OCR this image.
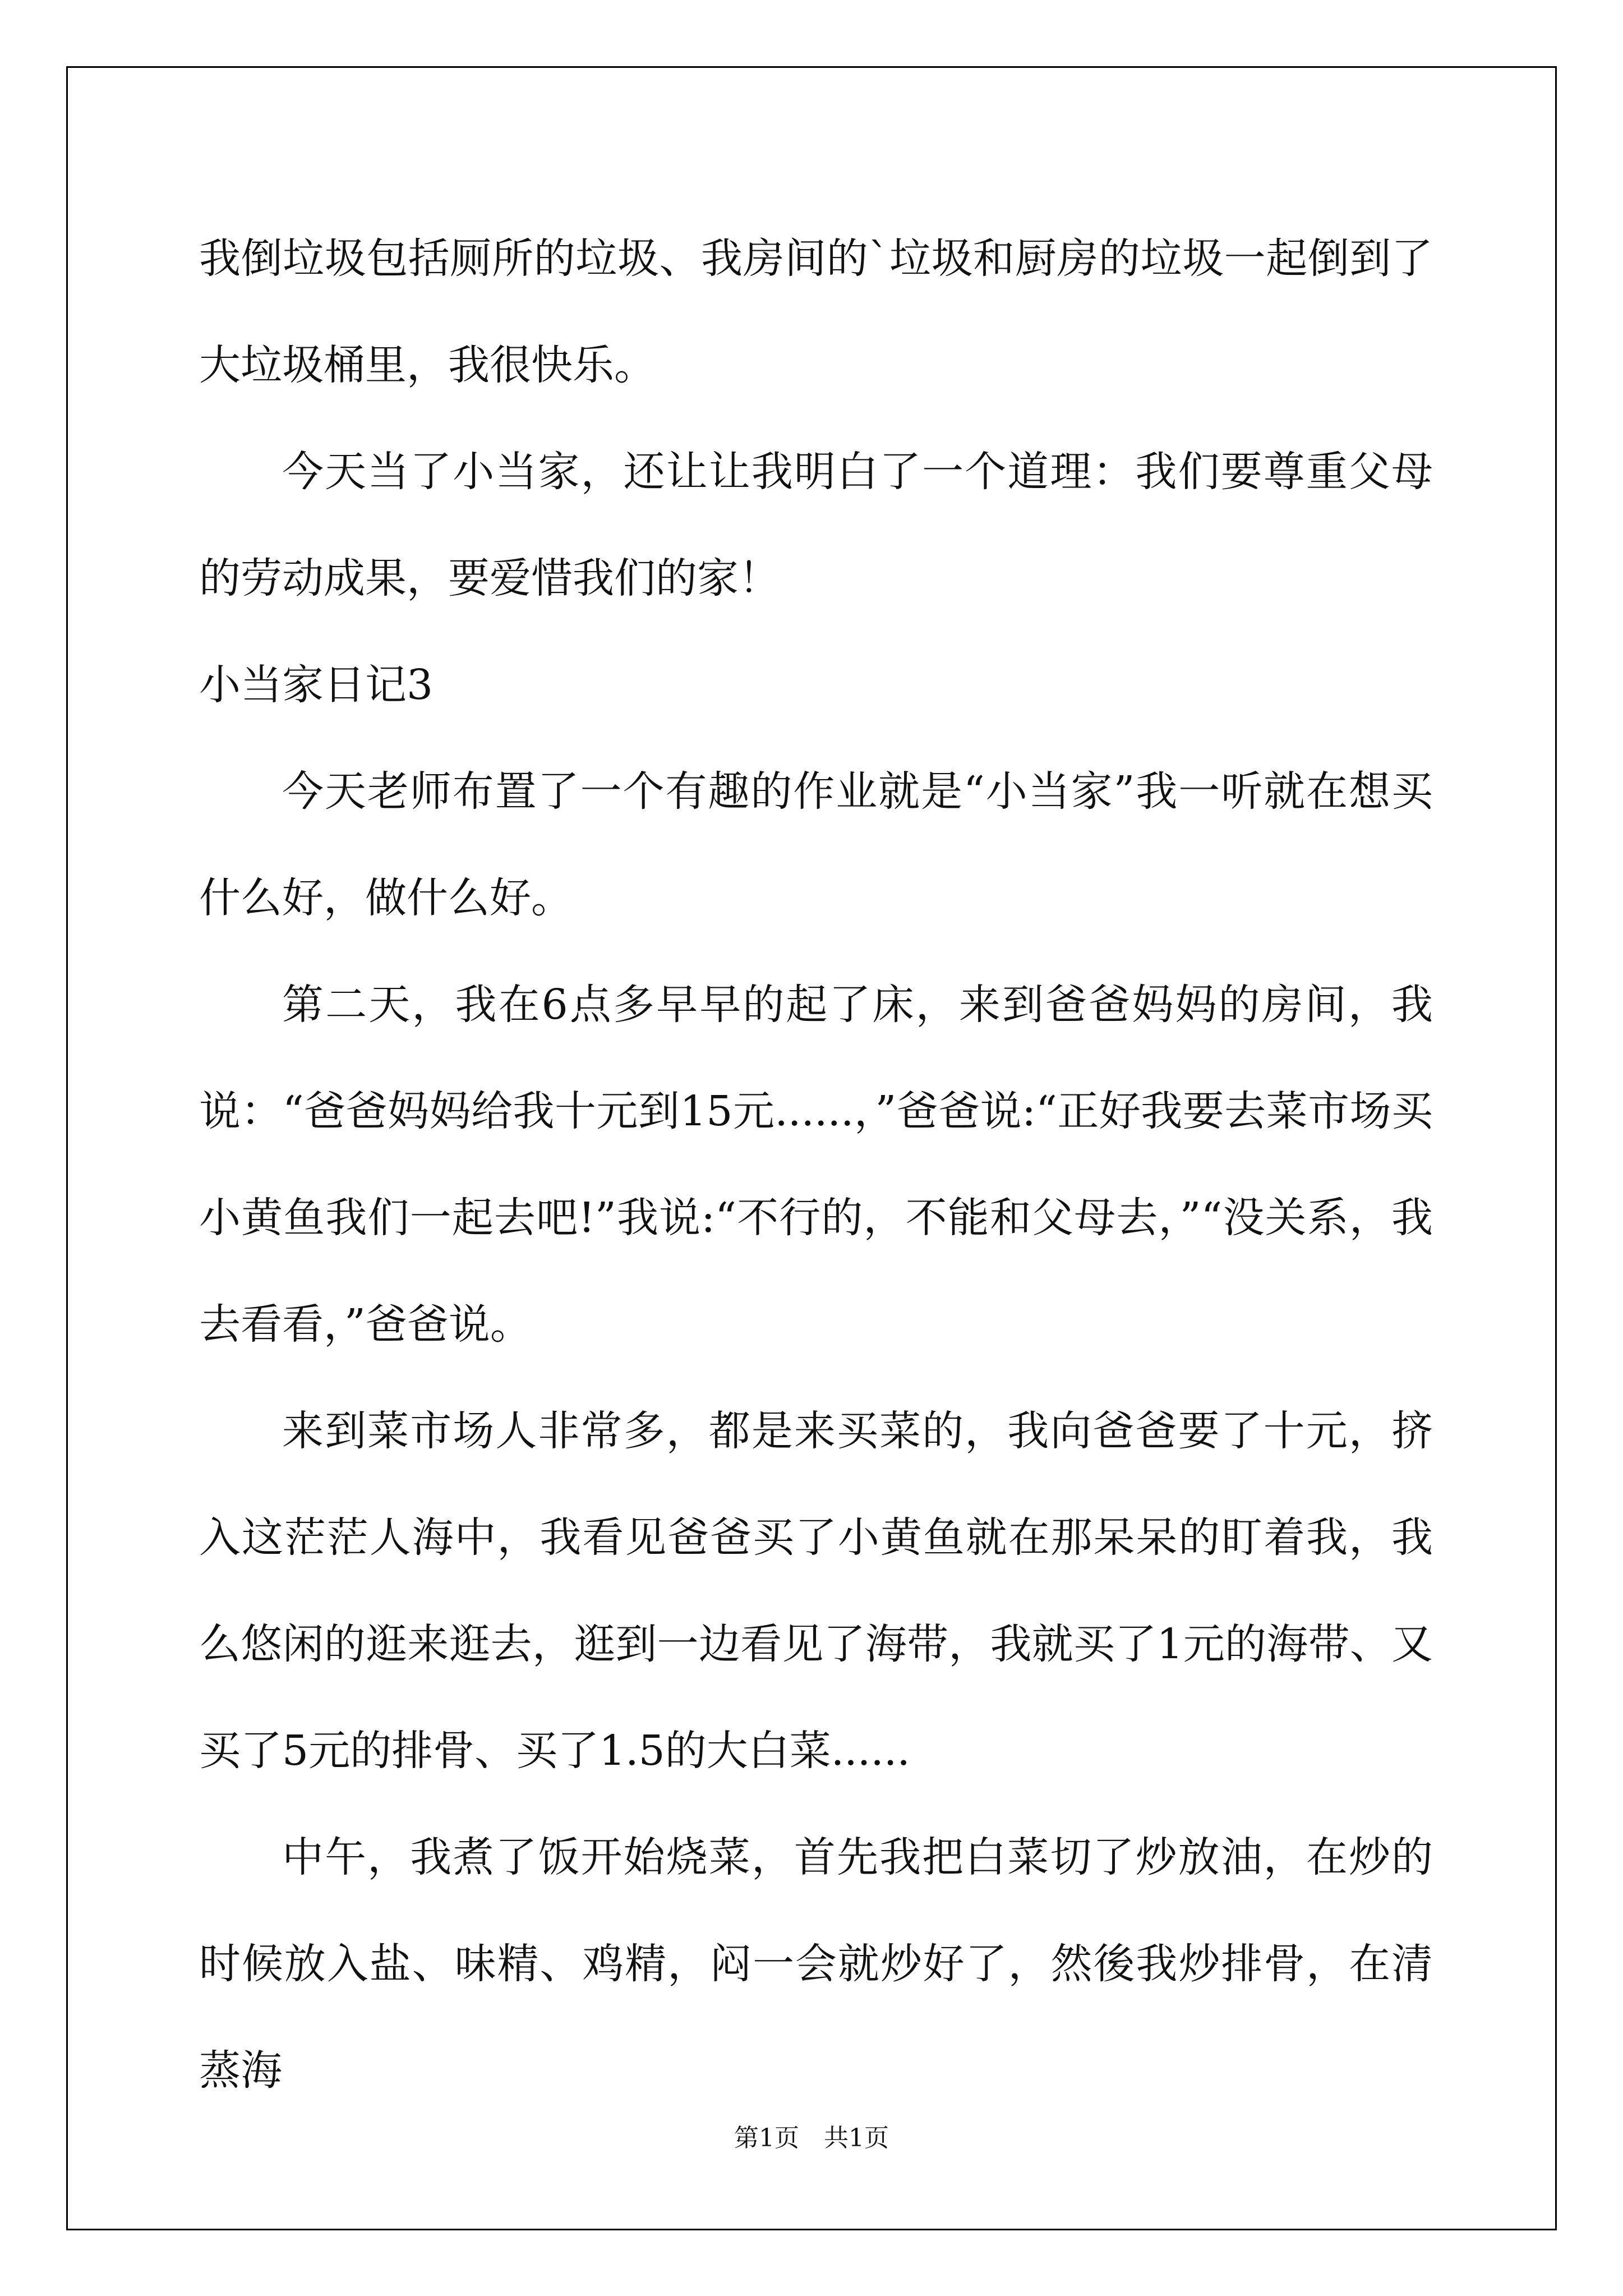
我倒垃圾包括厕所的垃圾、我房间的`垃圾和厨房的垃圾一起倒到了大垃圾桶里，我很快乐。

今天当了小当家，还让让我明白了一个道理：我们要尊重父母的劳动成果，要爱惜我们的家！

小当家日记3

今天老师布置了一个有趣的作业就是“小当家”我一听就在想买什么好，做什么好。

第二天，我在6点多早早的起了床，来到爸爸妈妈的房间，我说：“爸爸妈妈给我十元到15元......，”爸爸说:“正好我要去菜市场买小黄鱼我们一起去吧!”我说:“不行的，不能和父母去，”“没关系，我去看看，”爸爸说。

来到菜市场人非常多，都是来买菜的，我向爸爸要了十元，挤入这茫茫人海中，我看见爸爸买了小黄鱼就在那呆呆的盯着我，我么悠闲的逛来逛去，逛到一边看见了海带，我就买了1元的海带、又买了5元的排骨、买了1.5的大白菜......

中午，我煮了饭开始烧菜，首先我把白菜切了炒放油，在炒的时候放入盐、味精、鸡精，闷一会就炒好了，然後我炒排骨，在清蒸海

第1页　共1页
